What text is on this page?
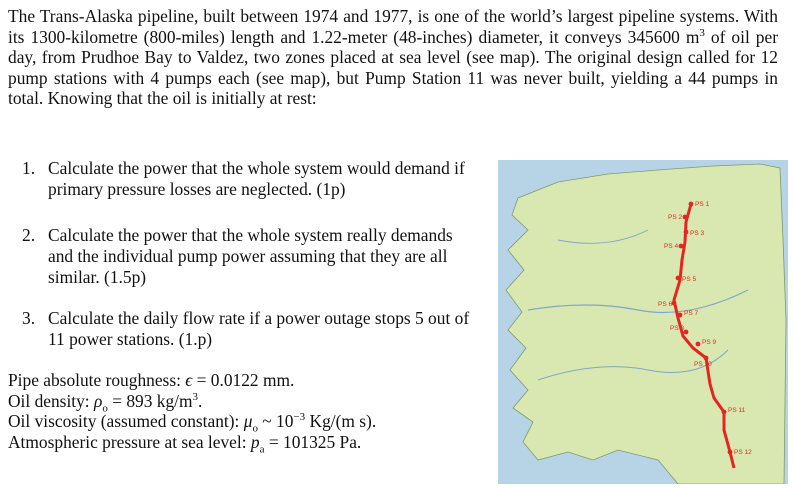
The Trans-Alaska pipeline, built between 1974 and 1977, is one of the world’s largest pipeline systems. With its 1300-kilometre (800-miles) length and 1.22-meter (48-inches) diameter, it conveys 345600 $m^3$ of oil per day, from Prudhoe Bay to Valdez, two zones placed at sea level (see map). The original design called for 12 pump stations with 4 pumps each (see map), but Pump Station 11 was never built, yielding a 44 pumps in total. Knowing that the oil is initially at rest:
1. Calculate the power that the whole system would demand if primary pressure losses are neglected. (1p)
2. Calculate the power that the whole system really demands and the individual pump power assuming that they are all similar. (1.5p)
3. Calculate the daily flow rate if a power outage stops 5 out of 11 power stations. (1.p)
Pipe absolute roughness: ϵ = 0.0122 mm.
Oil density: $\rho_o = 893$ $kg/m^3$.
Oil viscosity (assumed constant): $\mu_o$ ~ $10^{-3}$ Kg/(m s).
Atmospheric pressure at sea level: $p_a = 101325$ Pa.
PS 1
PS 2
PS 3
PS 4
PS 5
PS 6
PS 7
PS 8
PS 9
PS 10
PS 11
PS 12
